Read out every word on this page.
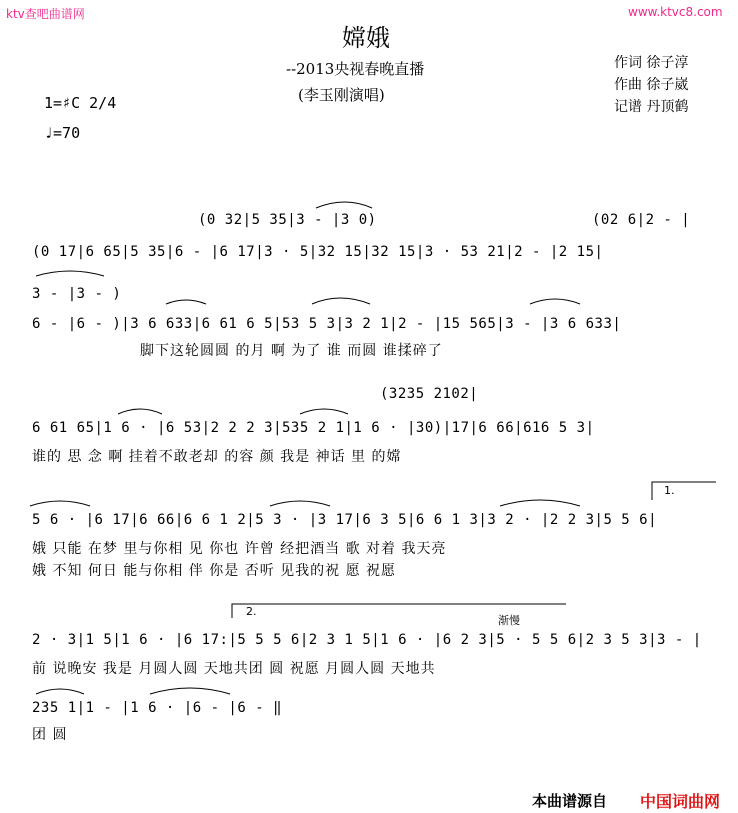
ktv查吧曲谱网	www.ktvc8.com
嫦娥
--2013央视春晚直播
(李玉刚演唱)
作词 徐子淳
作曲 徐子崴
记谱 丹顶鹤
1=♯C 2/4
♩=70
(0 32|5 35|3 - |3 0)	(02 6|2 - |
(0 17|6 65|5 35|6 - |6 17|3 · 5|32 15|32 15|3 · 53 21|2 - |2 15|
3 - |3 - )
6 - |6 - )|3 6 633|6 61 6 5|53 5 3|3 2 1|2 - |15 565|3 - |3 6 633|
脚下这轮圆圆 的月 啊 为了 谁 而圆 谁揉碎了
(3235 2102|
6 61 65|1 6 · |6 53|2 2 2 3|535 2 1|1 6 · |30)|17|6 66|616 5 3|
谁的 思 念 啊 挂着不敢老却 的容 颜 我是 神话 里 的嫦
1.
5 6 · |6 17|6 66|6 6 1 2|5 3 · |3 17|6 3 5|6 6 1 3|3 2 · |2 2 3|5 5 6|
娥 只能 在梦 里与你相 见 你也 许曾 经把酒当 歌 对着 我天亮
娥 不知 何日 能与你相 伴 你是 否听 见我的祝 愿 祝愿
2.
渐慢
2 · 3|1 5|1 6 · |6 17:|5 5 5 6|2 3 1 5|1 6 · |6 2 3|5 · 5 5 6|2 3 5 3|3 - |
前 说晚安 我是 月圆人圆 天地共团 圆 祝愿 月圆人圆 天地共
235 1|1 - |1 6 · |6 - |6 - ‖
团 圆
本曲谱源自 中国词曲网
